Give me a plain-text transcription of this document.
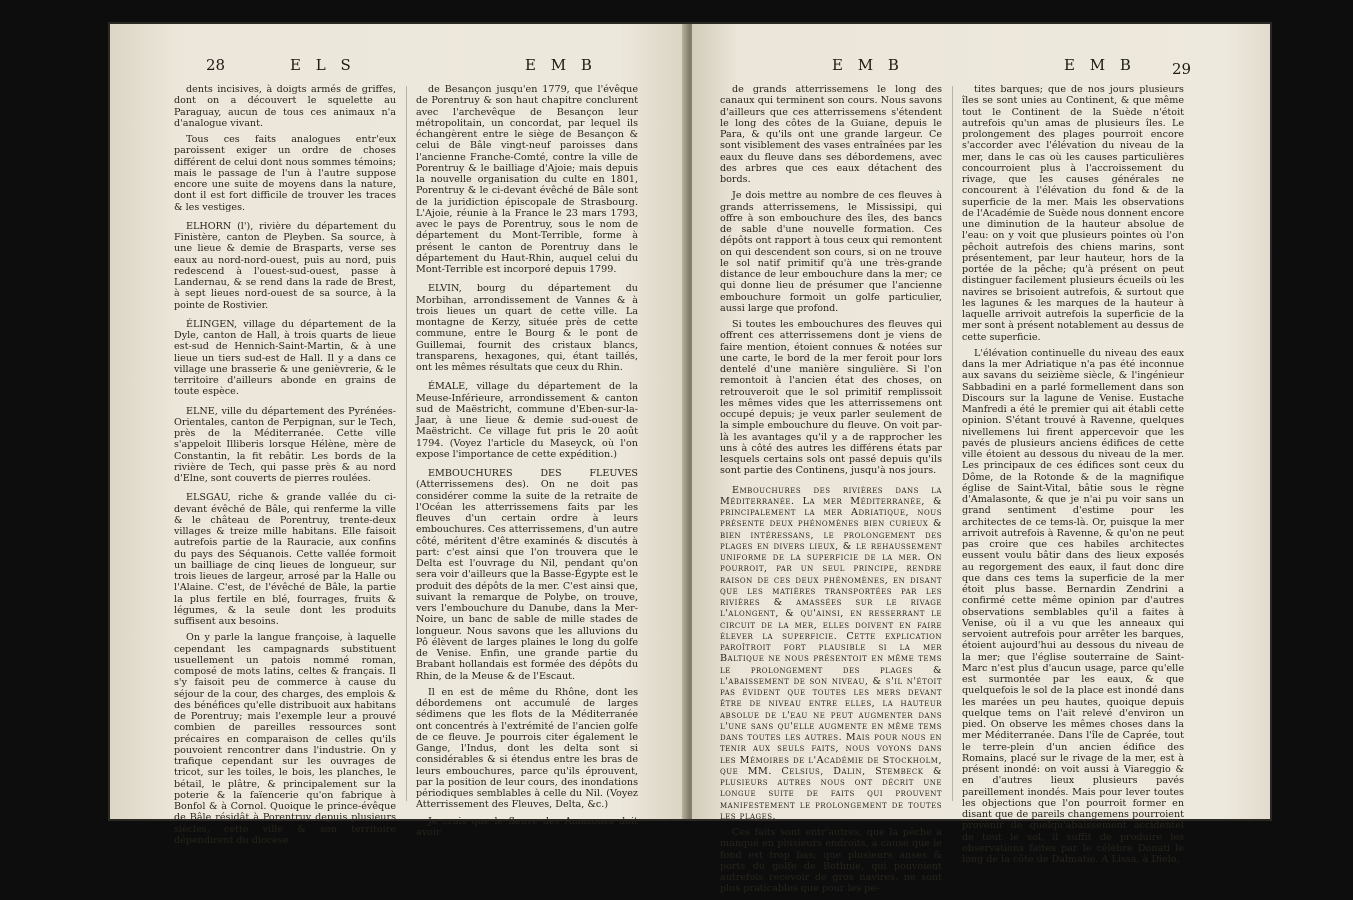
28	E L S	E M B

dents incisives, à doigts armés de griffes, dont on a découvert le squelette au Paraguay, aucun de tous ces animaux n'a d'analogue vivant.

Tous ces faits analogues entr'eux paroissent exiger un ordre de choses différent de celui dont nous sommes témoins; mais le passage de l'un à l'autre suppose encore une suite de moyens dans la nature, dont il est fort difficile de trouver les traces & les vestiges.

ELHORN (l'), rivière du département du Finistère, canton de Pleyben. Sa source, à une lieue & demie de Brasparts, verse ses eaux au nord-nord-ouest, puis au nord, puis redescend à l'ouest-sud-ouest, passe à Landernau, & se rend dans la rade de Brest, à sept lieues nord-ouest de sa source, à la pointe de Rostivier.

ÉLINGEN, village du département de la Dyle, canton de Hall, à trois quarts de lieue est-sud de Hennich-Saint-Martin, & à une lieue un tiers sud-est de Hall. Il y a dans ce village une brasserie & une genièvrerie, & le territoire d'ailleurs abonde en grains de toute espèce.

ELNE, ville du département des Pyrénées-Orientales, canton de Perpignan, sur le Tech, près de la Méditerranée. Cette ville s'appeloit Illiberis lorsque Hélène, mère de Constantin, la fit rebâtir. Les bords de la rivière de Tech, qui passe près & au nord d'Elne, sont couverts de pierres roulées.

ELSGAU, riche & grande vallée du ci-devant évêché de Bâle, qui renferme la ville & le château de Porentruy, trente-deux villages & treize mille habitans. Elle faisoit autrefois partie de la Rauracie, aux confins du pays des Séquanois. Cette vallée formoit un bailliage de cinq lieues de longueur, sur trois lieues de largeur, arrosé par la Halle ou l'Alaine. C'est, de l'évêché de Bâle, la partie la plus fertile en blé, fourrages, fruits & légumes, & la seule dont les produits suffisent aux besoins.

On y parle la langue françoise, à laquelle cependant les campagnards substituent usuellement un patois nommé roman, composé de mots latins, celtes & français. Il s'y faisoit peu de commerce à cause du séjour de la cour, des charges, des emplois & des bénéfices qu'elle distribuoit aux habitans de Porentruy; mais l'exemple leur a prouvé combien de pareilles ressources sont précaires en comparaison de celles qu'ils pouvoient rencontrer dans l'industrie. On y trafique cependant sur les ouvrages de tricot, sur les toiles, le bois, les planches, le bétail, le plâtre, & principalement sur la poterie & la faïencerie qu'on fabrique à Bonfol & à Cornol. Quoique le prince-évêque de Bâle résidât à Porentruy depuis plusieurs siècles, cette ville & son territoire dépendirent du diocèse

de Besançon jusqu'en 1779, que l'évêque de Porentruy & son haut chapitre conclurent avec l'archevêque de Besançon leur métropolitain, un concordat, par lequel ils échangèrent entre le siège de Besançon & celui de Bâle vingt-neuf paroisses dans l'ancienne Franche-Comté, contre la ville de Porentruy & le bailliage d'Ajoie; mais depuis la nouvelle organisation du culte en 1801, Porentruy & le ci-devant évêché de Bâle sont de la juridiction épiscopale de Strasbourg. L'Ajoie, réunie à la France le 23 mars 1793, avec le pays de Porentruy, sous le nom de département du Mont-Terrible, forme à présent le canton de Porentruy dans le département du Haut-Rhin, auquel celui du Mont-Terrible est incorporé depuis 1799.

ELVIN, bourg du département du Morbihan, arrondissement de Vannes & à trois lieues un quart de cette ville. La montagne de Kerzy, située près de cette commune, entre le Bourg & le pont de Guillemai, fournit des cristaux blancs, transparens, hexagones, qui, étant taillés, ont les mêmes résultats que ceux du Rhin.

ÉMALE, village du département de la Meuse-Inférieure, arrondissement & canton sud de Maëstricht, commune d'Eben-sur-la-Jaar, à une lieue & demie sud-ouest de Maëstricht. Ce village fut pris le 20 août 1794. (Voyez l'article du Maseyck, où l'on expose l'importance de cette expédition.)

EMBOUCHURES DES FLEUVES (Atterrissemens des). On ne doit pas considérer comme la suite de la retraite de l'Océan les atterrissemens faits par les fleuves d'un certain ordre à leurs embouchures. Ces atterrissemens, d'un autre côté, méritent d'être examinés & discutés à part: c'est ainsi que l'on trouvera que le Delta est l'ouvrage du Nil, pendant qu'on sera voir d'ailleurs que la Basse-Égypte est le produit des dépôts de la mer. C'est ainsi que, suivant la remarque de Polybe, on trouve, vers l'embouchure du Danube, dans la Mer-Noire, un banc de sable de mille stades de longueur. Nous savons que les alluvions du Pô élèvent de larges plaines le long du golfe de Venise. Enfin, une grande partie du Brabant hollandais est formée des dépôts du Rhin, de la Meuse & de l'Escaut.

Il en est de même du Rhône, dont les débordemens ont accumulé de larges sédimens que les flots de la Méditerranée ont concentrés à l'extrémité de l'ancien golfe de ce fleuve. Je pourrois citer également le Gange, l'Indus, dont les delta sont si considérables & si étendus entre les bras de leurs embouchures, parce qu'ils éprouvent, par la position de leur cours, des inondations périodiques semblables à celle du Nil. (Voyez Atterrissement des Fleuves, Delta, &c.)

Je crois que le fleuve des Amazones doit avoir

E M B	E M B 29

de grands atterrissemens le long des canaux qui terminent son cours. Nous savons d'ailleurs que ces atterrissemens s'étendent le long des côtes de la Guiane, depuis le Para, & qu'ils ont une grande largeur. Ce sont visiblement des vases entraînées par les eaux du fleuve dans ses débordemens, avec des arbres que ces eaux détachent des bords.

Je dois mettre au nombre de ces fleuves à grands atterrissemens, le Mississipi, qui offre à son embouchure des îles, des bancs de sable d'une nouvelle formation. Ces dépôts ont rapport à tous ceux qui remontent on qui descendent son cours, si on ne trouve le sol natif primitif qu'à une très-grande distance de leur embouchure dans la mer; ce qui donne lieu de présumer que l'ancienne embouchure formoit un golfe particulier, aussi large que profond.

Si toutes les embouchures des fleuves qui offrent ces atterrissemens dont je viens de faire mention, étoient connues & notées sur une carte, le bord de la mer feroit pour lors dentelé d'une manière singulière. Si l'on remontoit à l'ancien état des choses, on retrouveroit que le sol primitif remplissoit les mêmes vides que les atterrissemens ont occupé depuis; je veux parler seulement de la simple embouchure du fleuve. On voit par-là les avantages qu'il y a de rapprocher les uns à côté des autres les différens états par lesquels certains sols ont passé depuis qu'ils sont partie des Continens, jusqu'à nos jours.

Embouchures des rivières dans la Méditerranée. La mer Méditerranée, & principalement la mer Adriatique, nous présente deux phénomènes bien curieux & bien intéressans, le prolongement des plages en divers lieux, & le rehaussement uniforme de la superficie de la mer. On pourroit, par un seul principe, rendre raison de ces deux phénomènes, en disant que les matières transportées par les rivières & amassées sur le rivage l'alongent, & qu'ainsi, en resserrant le circuit de la mer, elles doivent en faire élever la superficie. Cette explication paroîtroit fort plausible si la mer Baltique ne nous présentoit en même tems le prolongement des plages & l'abaissement de son niveau, & s'il n'étoit pas évident que toutes les mers devant être de niveau entre elles, la hauteur absolue de l'eau ne peut augmenter dans l'une sans qu'elle augmente en même tems dans toutes les autres. Mais pour nous en tenir aux seuls faits, nous voyons dans les Mémoires de l'Académie de Stockholm, que MM. Celsius, Dalin, Stembeck & plusieurs autres nous ont décrit une longue suite de faits qui prouvent manifestement le prolongement de toutes les plages.

Ces faits sont entr'autres, que la pêche a manqué en plusieurs endroits, à cause que le fond est trop bas; que plusieurs anses & ports du golfe de Bothnie, qui pouvoient autrefois recevoir de gros navires, ne sont plus praticables que pour les pe-

tites barques; que de nos jours plusieurs îles se sont unies au Continent, & que même tout le Continent de la Suède n'étoit autrefois qu'un amas de plusieurs îles. Le prolongement des plages pourroit encore s'accorder avec l'élévation du niveau de la mer, dans le cas où les causes particulières concourroient plus à l'accroissement du rivage, que les causes générales ne concourent à l'élévation du fond & de la superficie de la mer. Mais les observations de l'Académie de Suède nous donnent encore une diminution de la hauteur absolue de l'eau: on y voit que plusieurs pointes où l'on pêchoit autrefois des chiens marins, sont présentement, par leur hauteur, hors de la portée de la pêche; qu'à présent on peut distinguer facilement plusieurs écueils où les navires se brisoient autrefois, & surtout que les lagunes & les marques de la hauteur à laquelle arrivoit autrefois la superficie de la mer sont à présent notablement au dessus de cette superficie.

L'élévation continuelle du niveau des eaux dans la mer Adriatique n'a pas été inconnue aux savans du seizième siècle, & l'ingénieur Sabbadini en a parlé formellement dans son Discours sur la lagune de Venise. Eustache Manfredi a été le premier qui ait établi cette opinion. S'étant trouvé à Ravenne, quelques nivellemens lui firent appercevoir que les pavés de plusieurs anciens édifices de cette ville étoient au dessous du niveau de la mer. Les principaux de ces édifices sont ceux du Dôme, de la Rotonde & de la magnifique église de Saint-Vital, bâtie sous le règne d'Amalasonte, & que je n'ai pu voir sans un grand sentiment d'estime pour les architectes de ce tems-là. Or, puisque la mer arrivoit autrefois à Ravenne, & qu'on ne peut pas croire que ces habiles architectes eussent voulu bâtir dans des lieux exposés au regorgement des eaux, il faut donc dire que dans ces tems la superficie de la mer étoit plus basse. Bernardin Zendrini a confirmé cette même opinion par d'autres observations semblables qu'il a faites à Venise, où il a vu que les anneaux qui servoient autrefois pour arrêter les barques, étoient aujourd'hui au dessous du niveau de la mer; que l'église souterraine de Saint-Marc n'est plus d'aucun usage, parce qu'elle est surmontée par les eaux, & que quelquefois le sol de la place est inondé dans les marées un peu hautes, quoique depuis quelque tems on l'ait relevé d'environ un pied. On observe les mêmes choses dans la mer Méditerranée. Dans l'île de Caprée, tout le terre-plein d'un ancien édifice des Romains, placé sur le rivage de la mer, est à présent inondé: on voit aussi à Viareggio & en d'autres lieux plusieurs pavés pareillement inondés. Mais pour lever toutes les objections que l'on pourroit former en disant que de pareils changemens pourroient provenir de quelqu'abaissement accidentel de tout le sol, il suffit de produire les observations faites par le célèbre Donati le long de la côte de Dalmatie. A Lissa, à Dielo,
